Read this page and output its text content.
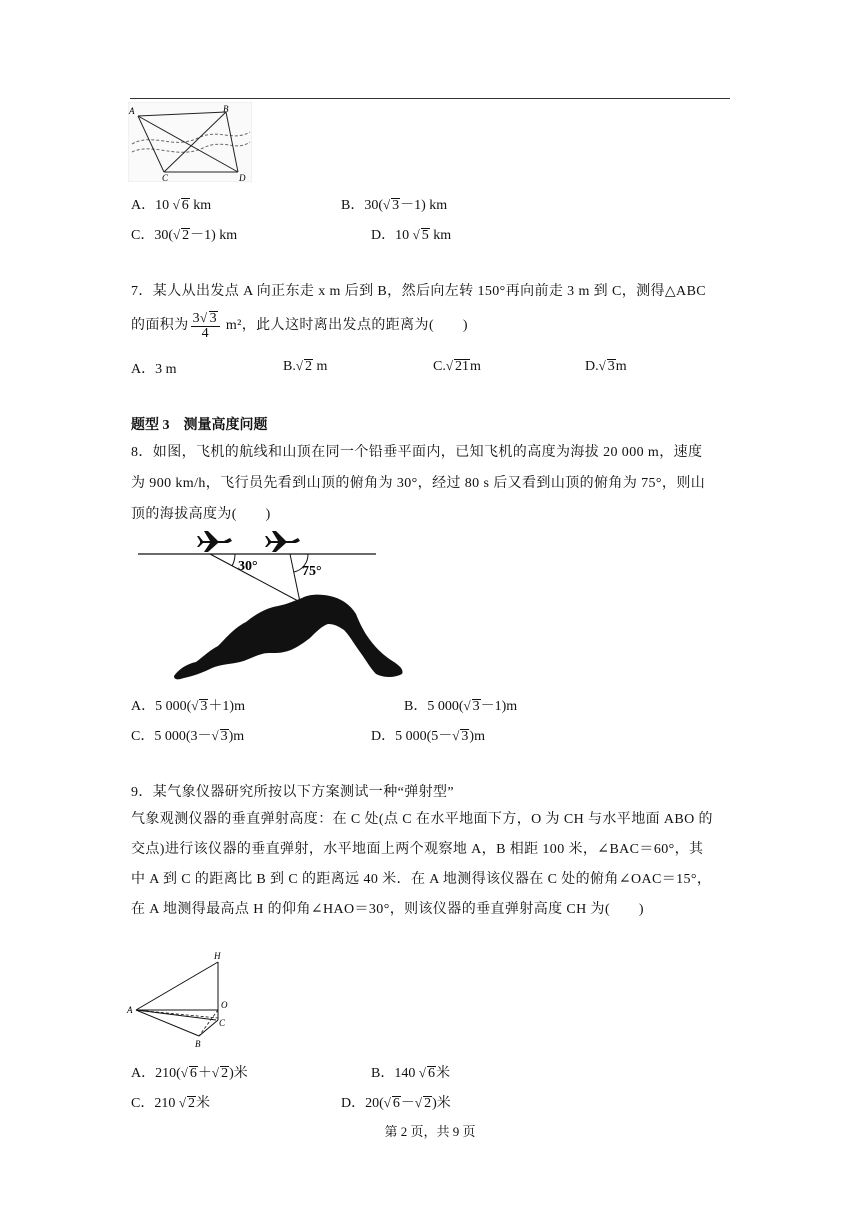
A	B
C	D
A．10 √ 6 km	B．30(√ 3－1) km
C．30(√ 2－1) km	D．10 √ 5 km
7．某人从出发点 A 向正东走 x m 后到 B，然后向左转 150°再向前走 3 m 到 C，测得△ABC
的面积为 $\frac{3√ 3}{4} m^2$，此人这时离出发点的距离为(　　)
A．3 m	B.√ 2 m	C.√ 21m	D.√ 3m
题型 3　测量高度问题
8．如图，飞机的航线和山顶在同一个铅垂平面内，已知飞机的高度为海拔 20 000 m，速度
为 900 km/h，飞行员先看到山顶的俯角为 30°，经过 80 s 后又看到山顶的俯角为 75°，则山
顶的海拔高度为(　　)
30°	75°
A．5 000(√ 3＋1)m	B．5 000(√ 3－1)m
C．5 000(3－√ 3)m	D．5 000(5－√ 3)m
9．某气象仪器研究所按以下方案测试一种“弹射型”
气象观测仪器的垂直弹射高度：在 C 处(点 C 在水平地面下方，O 为 CH 与水平地面 ABO 的
交点)进行该仪器的垂直弹射，水平地面上两个观察地 A，B 相距 100 米，∠BAC＝60°，其
中 A 到 C 的距离比 B 到 C 的距离远 40 米．在 A 地测得该仪器在 C 处的俯角∠OAC＝15°，
在 A 地测得最高点 H 的仰角∠HAO＝30°，则该仪器的垂直弹射高度 CH 为(　　)
H
A	O
C
B
A．210(√ 6＋√ 2)米	B．140 √ 6米
C．210 √ 2米	D．20(√ 6－√ 2)米
第 2 页，共 9 页
